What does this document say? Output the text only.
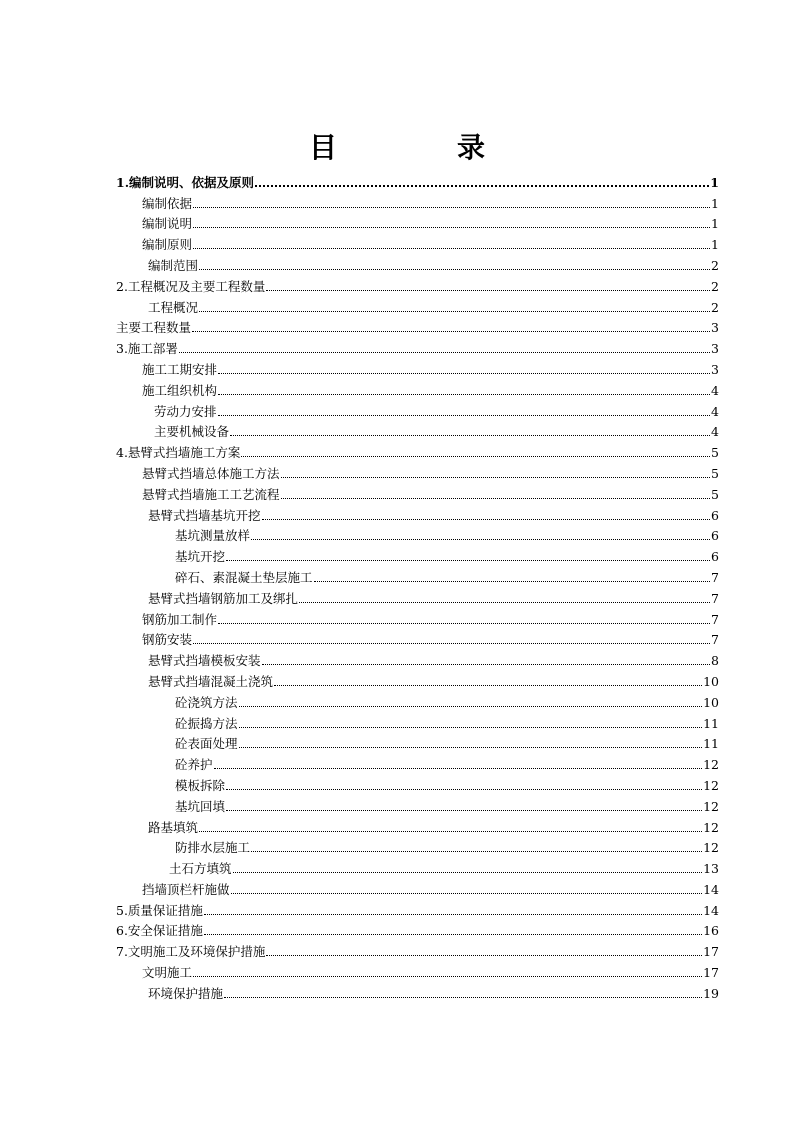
目　录
1.编制说明、依据及原则	1
编制依据	1
编制说明	1
编制原则	1
编制范围	2
2.工程概况及主要工程数量	2
工程概况	2
主要工程数量	3
3.施工部署	3
施工工期安排	3
施工组织机构	4
劳动力安排	4
主要机械设备	4
4.悬臂式挡墙施工方案	5
悬臂式挡墙总体施工方法	5
悬臂式挡墙施工工艺流程	5
悬臂式挡墙基坑开挖	6
基坑测量放样	6
基坑开挖	6
碎石、素混凝土垫层施工	7
悬臂式挡墙钢筋加工及绑扎	7
钢筋加工制作	7
钢筋安装	7
悬臂式挡墙模板安装	8
悬臂式挡墙混凝土浇筑	10
砼浇筑方法	10
砼振捣方法	11
砼表面处理	11
砼养护	12
模板拆除	12
基坑回填	12
路基填筑	12
防排水层施工	12
土石方填筑	13
挡墙顶栏杆施做	14
5.质量保证措施	14
6.安全保证措施	16
7.文明施工及环境保护措施	17
文明施工	17
环境保护措施	19
